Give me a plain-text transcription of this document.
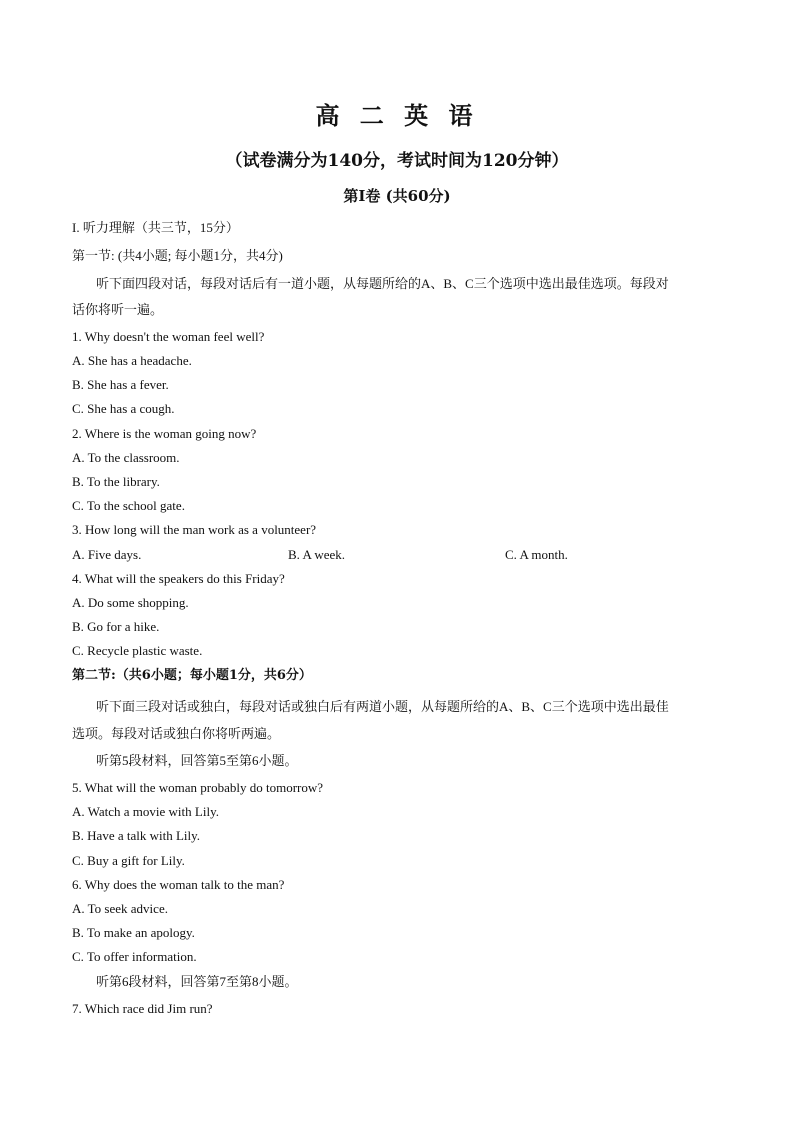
高 二 英 语
（试卷满分为140分，考试时间为120分钟）
第Ⅰ卷 (共60分)
I. 听力理解（共三节，15分）
第一节: (共4小题; 每小题1分，共4分)
听下面四段对话，每段对话后有一道小题，从每题所给的A、B、C三个选项中选出最佳选项。每段对
话你将听一遍。
1. Why doesn't the woman feel well?
A. She has a headache.
B. She has a fever.
C. She has a cough.
2. Where is the woman going now?
A. To the classroom.
B. To the library.
C. To the school gate.
3. How long will the man work as a volunteer?
A. Five days.	B. A week.	C. A month.
4. What will the speakers do this Friday?
A. Do some shopping.
B. Go for a hike.
C. Recycle plastic waste.
第二节:（共6小题；每小题1分，共6分）
听下面三段对话或独白，每段对话或独白后有两道小题，从每题所给的A、B、C三个选项中选出最佳
选项。每段对话或独白你将听两遍。
听第5段材料，回答第5至第6小题。
5. What will the woman probably do tomorrow?
A. Watch a movie with Lily.
B. Have a talk with Lily.
C. Buy a gift for Lily.
6. Why does the woman talk to the man?
A. To seek advice.
B. To make an apology.
C. To offer information.
听第6段材料，回答第7至第8小题。
7. Which race did Jim run?
